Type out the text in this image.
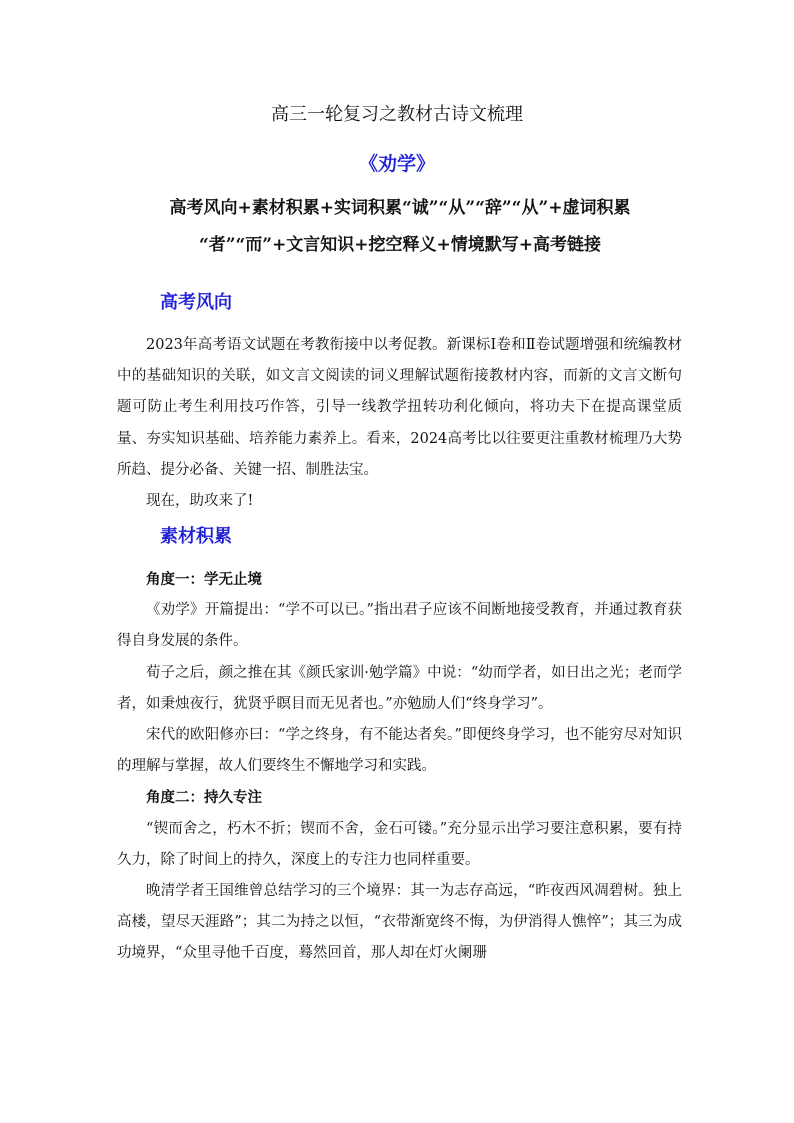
高三一轮复习之教材古诗文梳理
《劝学》
高考风向+素材积累+实词积累“诚”“从”“辞”“从”+虚词积累
“者”“而”+文言知识+挖空释义+情境默写+高考链接
高考风向

2023年高考语文试题在考教衔接中以考促教。新课标Ⅰ卷和Ⅱ卷试题增强和统编教材中的基础知识的关联，如文言文阅读的词义理解试题衔接教材内容，而新的文言文断句题可防止考生利用技巧作答，引导一线教学扭转功利化倾向，将功夫下在提高课堂质量、夯实知识基础、培养能力素养上。看来，2024高考比以往要更注重教材梳理乃大势所趋、提分必备、关键一招、制胜法宝。

现在，助攻来了!

素材积累

角度一：学无止境

《劝学》开篇提出：“学不可以已。”指出君子应该不间断地接受教育，并通过教育获得自身发展的条件。

荀子之后，颜之推在其《颜氏家训·勉学篇》中说：“幼而学者，如日出之光；老而学者，如秉烛夜行，犹贤乎瞑目而无见者也。”亦勉励人们“终身学习”。

宋代的欧阳修亦曰：“学之终身，有不能达者矣。”即便终身学习，也不能穷尽对知识的理解与掌握，故人们要终生不懈地学习和实践。

角度二：持久专注

“锲而舍之，朽木不折；锲而不舍，金石可镂。”充分显示出学习要注意积累，要有持久力，除了时间上的持久，深度上的专注力也同样重要。

晚清学者王国维曾总结学习的三个境界：其一为志存高远，“昨夜西风凋碧树。独上高楼，望尽天涯路”；其二为持之以恒，“衣带渐宽终不悔，为伊消得人憔悴”；其三为成功境界，“众里寻他千百度，蓦然回首，那人却在灯火阑珊
